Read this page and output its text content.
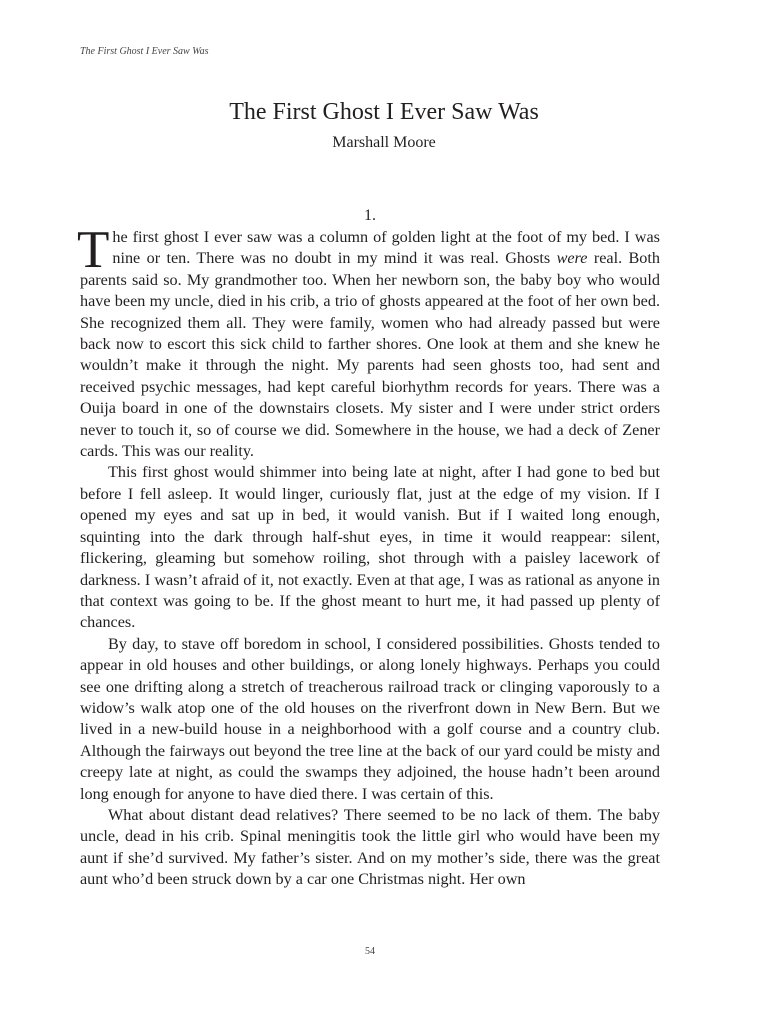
The First Ghost I Ever Saw Was
The First Ghost I Ever Saw Was
Marshall Moore
1.

The first ghost I ever saw was a column of golden light at the foot of my bed. I was nine or ten. There was no doubt in my mind it was real. Ghosts were real. Both parents said so. My grandmother too. When her newborn son, the baby boy who would have been my uncle, died in his crib, a trio of ghosts appeared at the foot of her own bed. She recognized them all. They were family, women who had already passed but were back now to escort this sick child to farther shores. One look at them and she knew he wouldn’t make it through the night. My parents had seen ghosts too, had sent and received psychic messages, had kept careful biorhythm records for years. There was a Ouija board in one of the downstairs closets. My sister and I were under strict orders never to touch it, so of course we did. Somewhere in the house, we had a deck of Zener cards. This was our reality.

This first ghost would shimmer into being late at night, after I had gone to bed but before I fell asleep. It would linger, curiously flat, just at the edge of my vision. If I opened my eyes and sat up in bed, it would vanish. But if I waited long enough, squinting into the dark through half-shut eyes, in time it would reappear: silent, flickering, gleaming but somehow roiling, shot through with a paisley lacework of darkness. I wasn’t afraid of it, not exactly. Even at that age, I was as rational as anyone in that context was going to be. If the ghost meant to hurt me, it had passed up plenty of chances.

By day, to stave off boredom in school, I considered possibilities. Ghosts tended to appear in old houses and other buildings, or along lonely highways. Perhaps you could see one drifting along a stretch of treacherous railroad track or clinging vaporously to a widow’s walk atop one of the old houses on the riverfront down in New Bern. But we lived in a new-build house in a neighborhood with a golf course and a country club. Although the fairways out beyond the tree line at the back of our yard could be misty and creepy late at night, as could the swamps they adjoined, the house hadn’t been around long enough for anyone to have died there. I was certain of this.

What about distant dead relatives? There seemed to be no lack of them. The baby uncle, dead in his crib. Spinal meningitis took the little girl who would have been my aunt if she’d survived. My father’s sister. And on my mother’s side, there was the great aunt who’d been struck down by a car one Christmas night. Her own

54
